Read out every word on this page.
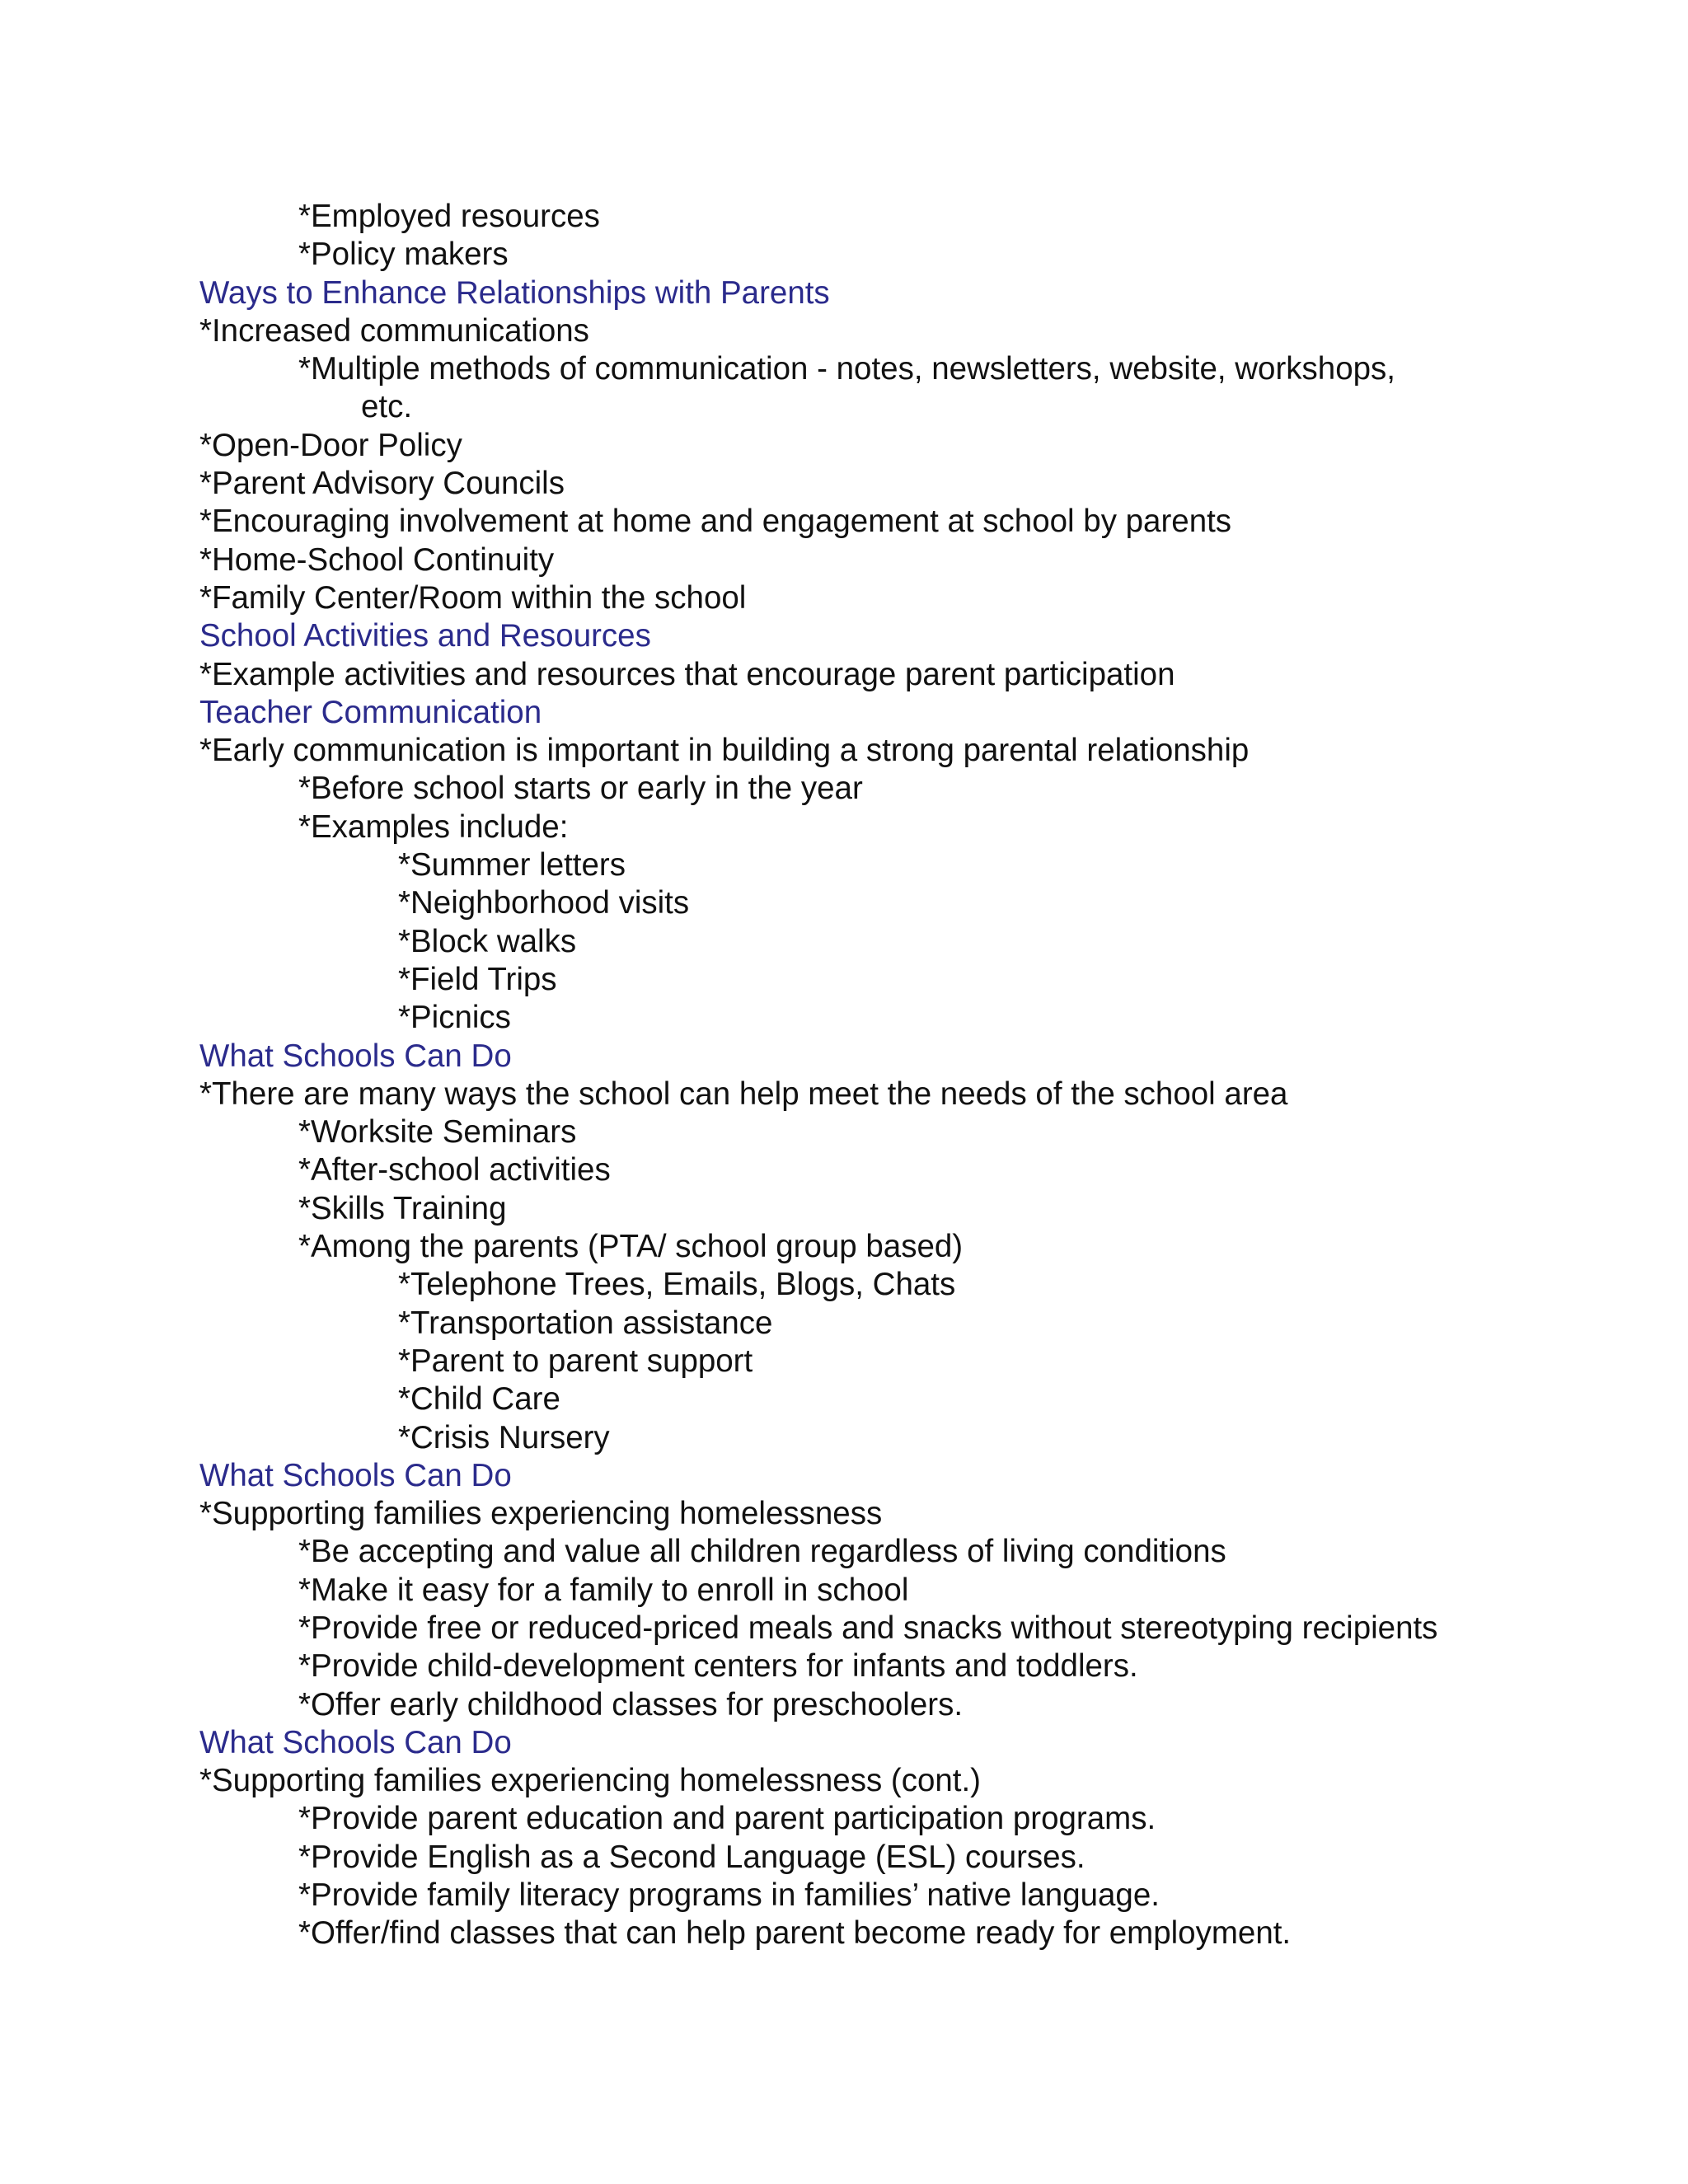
*Employed resources
*Policy makers
Ways to Enhance Relationships with Parents
*Increased communications
*Multiple methods of communication - notes, newsletters, website, workshops,
etc.
*Open-Door Policy
*Parent Advisory Councils
*Encouraging involvement at home and engagement at school by parents
*Home-School Continuity
*Family Center/Room within the school
School Activities and Resources
*Example activities and resources that encourage parent participation
Teacher Communication
*Early communication is important in building a strong parental relationship
*Before school starts or early in the year
*Examples include:
*Summer letters
*Neighborhood visits
*Block walks
*Field Trips
*Picnics
What Schools Can Do
*There are many ways the school can help meet the needs of the school area
*Worksite Seminars
*After-school activities
*Skills Training
*Among the parents (PTA/ school group based)
*Telephone Trees, Emails, Blogs, Chats
*Transportation assistance
*Parent to parent support
*Child Care
*Crisis Nursery
What Schools Can Do
*Supporting families experiencing homelessness
*Be accepting and value all children regardless of living conditions
*Make it easy for a family to enroll in school
*Provide free or reduced-priced meals and snacks without stereotyping recipients
*Provide child-development centers for infants and toddlers.
*Offer early childhood classes for preschoolers.
What Schools Can Do
*Supporting families experiencing homelessness (cont.)
*Provide parent education and parent participation programs.
*Provide English as a Second Language (ESL) courses.
*Provide family literacy programs in families’ native language.
*Offer/find classes that can help parent become ready for employment.
